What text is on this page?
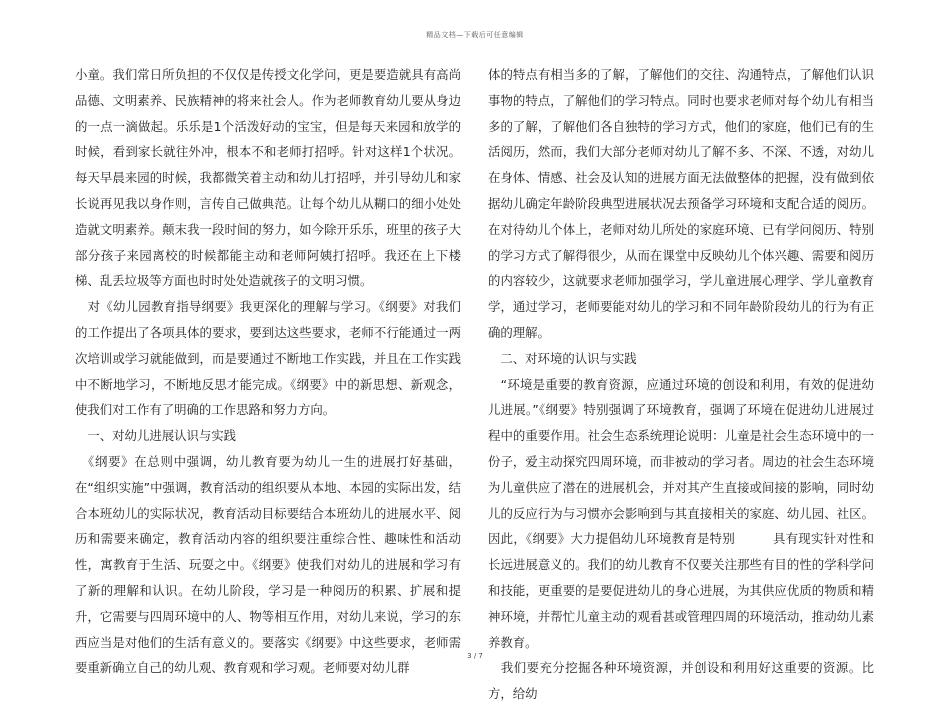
精品文档—下载后可任意编辑

小童。我们常日所负担的不仅仅是传授文化学问，更是要造就具有高尚品德、文明素养、民族精神的将来社会人。作为老师教育幼儿要从身边的一点一滴做起。乐乐是1个活泼好动的宝宝，但是每天来园和放学的时候，看到家长就往外冲，根本不和老师打招呼。针对这样1个状况。每天早晨来园的时候，我都微笑着主动和幼儿打招呼，并引导幼儿和家长说再见我以身作则，言传自己做典范。让每个幼儿从糊口的细小处处造就文明素养。颠末我一段时间的努力，如今除开乐乐，班里的孩子大部分孩子来园离校的时候都能主动和老师阿姨打招呼。我还在上下楼梯、乱丢垃圾等方面也时时处处造就孩子的文明习惯。

　对《幼儿园教育指导纲要》我更深化的理解与学习。《纲要》对我们的工作提出了各项具体的要求，要到达这些要求，老师不行能通过一两次培训或学习就能做到，而是要通过不断地工作实践，并且在工作实践中不断地学习，不断地反思才能完成。《纲要》中的新思想、新观念，使我们对工作有了明确的工作思路和努力方向。

　一、对幼儿进展认识与实践

　《纲要》在总则中强调，幼儿教育要为幼儿一生的进展打好基础，在“组织实施”中强调，教育活动的组织要从本地、本园的实际出发，结合本班幼儿的实际状况，教育活动目标要结合本班幼儿的进展水平、阅历和需要来确定，教育活动内容的组织要注重综合性、趣味性和活动性，寓教育于生活、玩耍之中。《纲要》使我们对幼儿的进展和学习有了新的理解和认识。在幼儿阶段，学习是一种阅历的积累、扩展和提升，它需要与四周环境中的人、物等相互作用，对幼儿来说，学习的东西应当是对他们的生活有意义的。要落实《纲要》中这些要求，老师需要重新确立自己的幼儿观、教育观和学习观。老师要对幼儿群

体的特点有相当多的了解，了解他们的交往、沟通特点，了解他们认识事物的特点，了解他们的学习特点。同时也要求老师对每个幼儿有相当多的了解，了解他们各自独特的学习方式，他们的家庭，他们已有的生活阅历，然而，我们大部分老师对幼儿了解不多、不深、不透，对幼儿在身体、情感、社会及认知的进展方面无法做整体的把握，没有做到依据幼儿确定年龄阶段典型进展状况去预备学习环境和支配合适的阅历。在对待幼儿个体上，老师对幼儿所处的家庭环境、已有学问阅历、特别　　　的学习方式了解得很少，从而在课堂中反映幼儿个体兴趣、需要和阅历的内容较少，这就要求老师加强学习，学儿童进展心理学、学儿童教育学，通过学习，老师要能对幼儿的学习和不同年龄阶段幼儿的行为有正确的理解。

　二、对环境的认识与实践

　“环境是重要的教育资源，应通过环境的创设和利用，有效的促进幼儿进展。”《纲要》特别强调了环境教育，强调了环境在促进幼儿进展过程中的重要作用。社会生态系统理论说明：儿童是社会生态环境中的一份子，爱主动探究四周环境，而非被动的学习者。周边的社会生态环境为儿童供应了潜在的进展机会，并对其产生直接或间接的影响，同时幼儿的反应行为与习惯亦会影响到与其直接相关的家庭、幼儿园、社区。因此，《纲要》大力提倡幼儿环境教育是特别　　　具有现实针对性和长远进展意义的。我们的幼儿教育不仅要关注那些有目的性的学科学问和技能，更重要的是要促进幼儿的身心进展，为其供应优质的物质和精神环境，并帮忙儿童主动的观看甚或管理四周的环境活动，推动幼儿素养教育。

　我们要充分挖掘各种环境资源，并创设和利用好这重要的资源。比方，给幼

3 / 7
